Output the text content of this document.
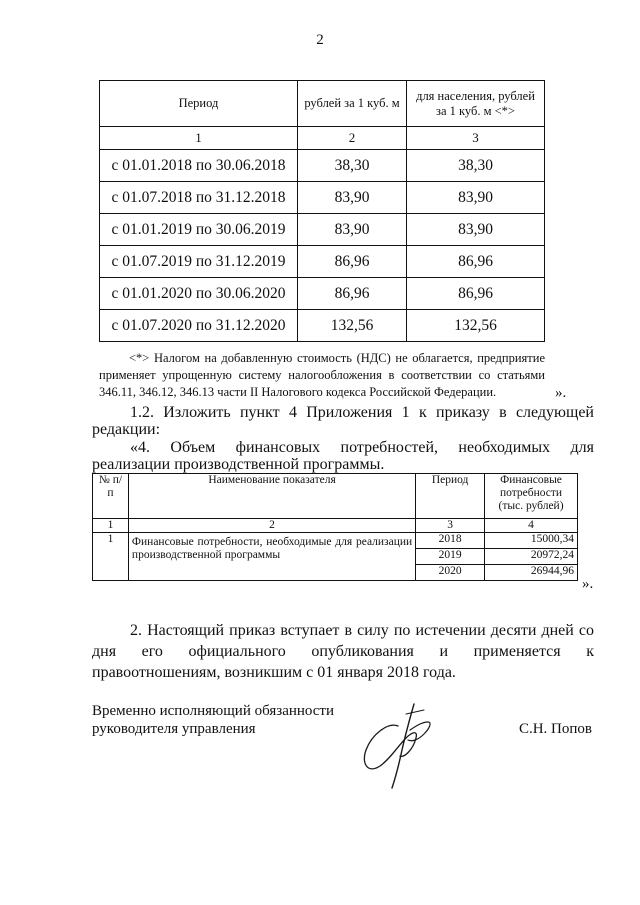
2
Период	рублей за 1 куб. м	для населения, рублей за 1 куб. м <*>
1	2	3
с 01.01.2018 по 30.06.2018	38,30	38,30
с 01.07.2018 по 31.12.2018	83,90	83,90
с 01.01.2019 по 30.06.2019	83,90	83,90
с 01.07.2019 по 31.12.2019	86,96	86,96
с 01.01.2020 по 30.06.2020	86,96	86,96
с 01.07.2020 по 31.12.2020	132,56	132,56
<*> Налогом на добавленную стоимость (НДС) не облагается, предприятие применяет упрощенную систему налогообложения в соответствии со статьями 346.11, 346.12, 346.13 части II Налогового кодекса Российской Федерации.	».
1.2. Изложить пункт 4 Приложения 1 к приказу в следующей редакции:
«4. Объем финансовых потребностей, необходимых для реализации производственной программы.
№ п/п	Наименование показателя	Период	Финансовые потребности (тыс. рублей)
1	2	3	4
1	Финансовые потребности, необходимые для реализации производственной программы	2018	15000,34
		2019	20972,24
		2020	26944,96
».
2. Настоящий приказ вступает в силу по истечении десяти дней со дня его официального опубликования и применяется к правоотношениям, возникшим с 01 января 2018 года.
Временно исполняющий обязанности
руководителя управления	С.Н. Попов
